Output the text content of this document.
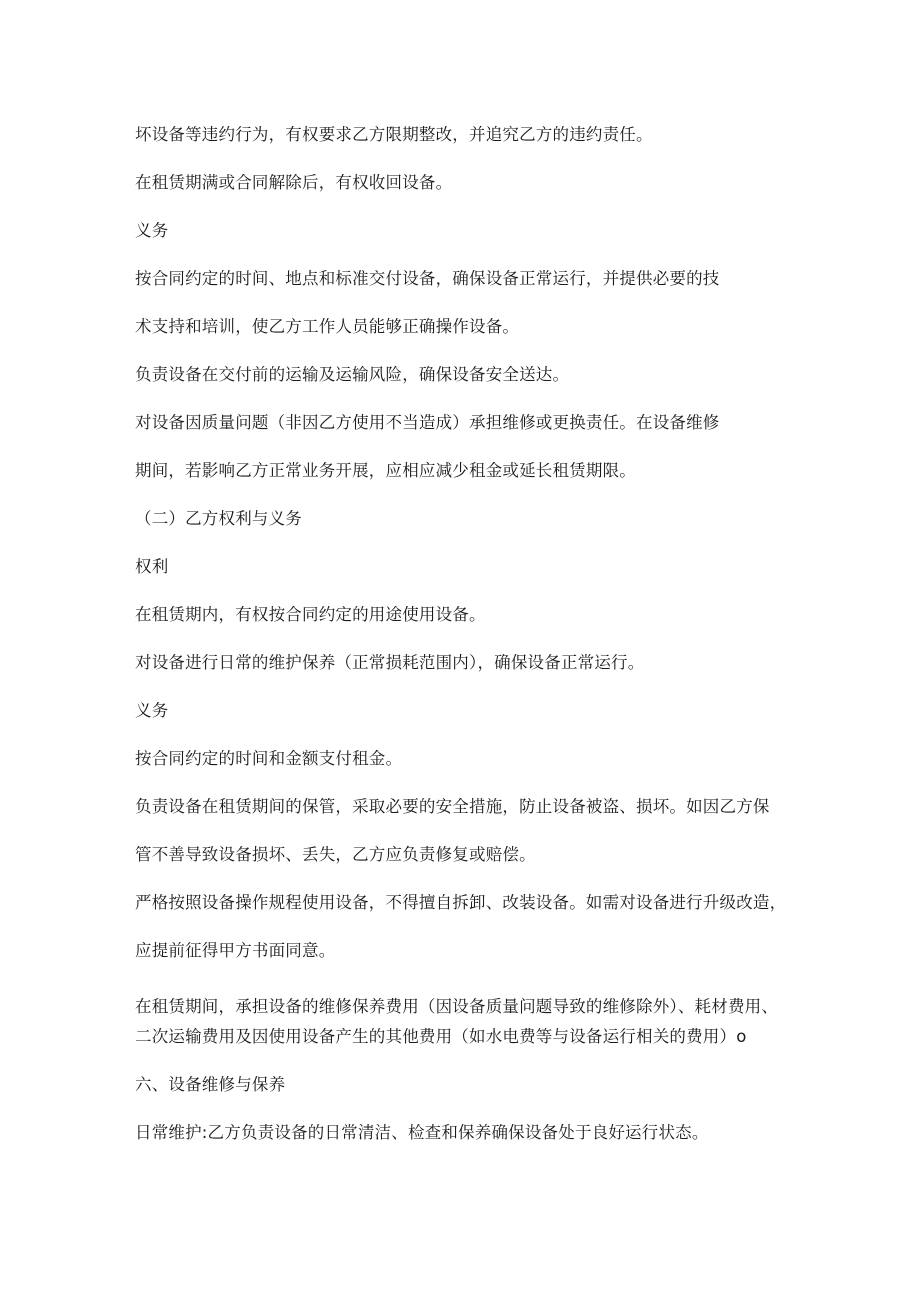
坏设备等违约行为，有权要求乙方限期整改，并追究乙方的违约责任。
在租赁期满或合同解除后，有权收回设备。
义务
按合同约定的时间、地点和标准交付设备，确保设备正常运行，并提供必要的技
术支持和培训，使乙方工作人员能够正确操作设备。
负责设备在交付前的运输及运输风险，确保设备安全送达。
对设备因质量问题（非因乙方使用不当造成）承担维修或更换责任。在设备维修
期间，若影响乙方正常业务开展，应相应减少租金或延长租赁期限。
（二）乙方权利与义务
权利
在租赁期内，有权按合同约定的用途使用设备。
对设备进行日常的维护保养（正常损耗范围内），确保设备正常运行。
义务
按合同约定的时间和金额支付租金。
负责设备在租赁期间的保管，采取必要的安全措施，防止设备被盗、损坏。如因乙方保
管不善导致设备损坏、丢失，乙方应负责修复或赔偿。
严格按照设备操作规程使用设备，不得擅自拆卸、改装设备。如需对设备进行升级改造，
应提前征得甲方书面同意。
在租赁期间，承担设备的维修保养费用（因设备质量问题导致的维修除外）、耗材费用、
二次运输费用及因使用设备产生的其他费用（如水电费等与设备运行相关的费用）o
六、设备维修与保养
日常维护:乙方负责设备的日常清洁、检查和保养确保设备处于良好运行状态。
